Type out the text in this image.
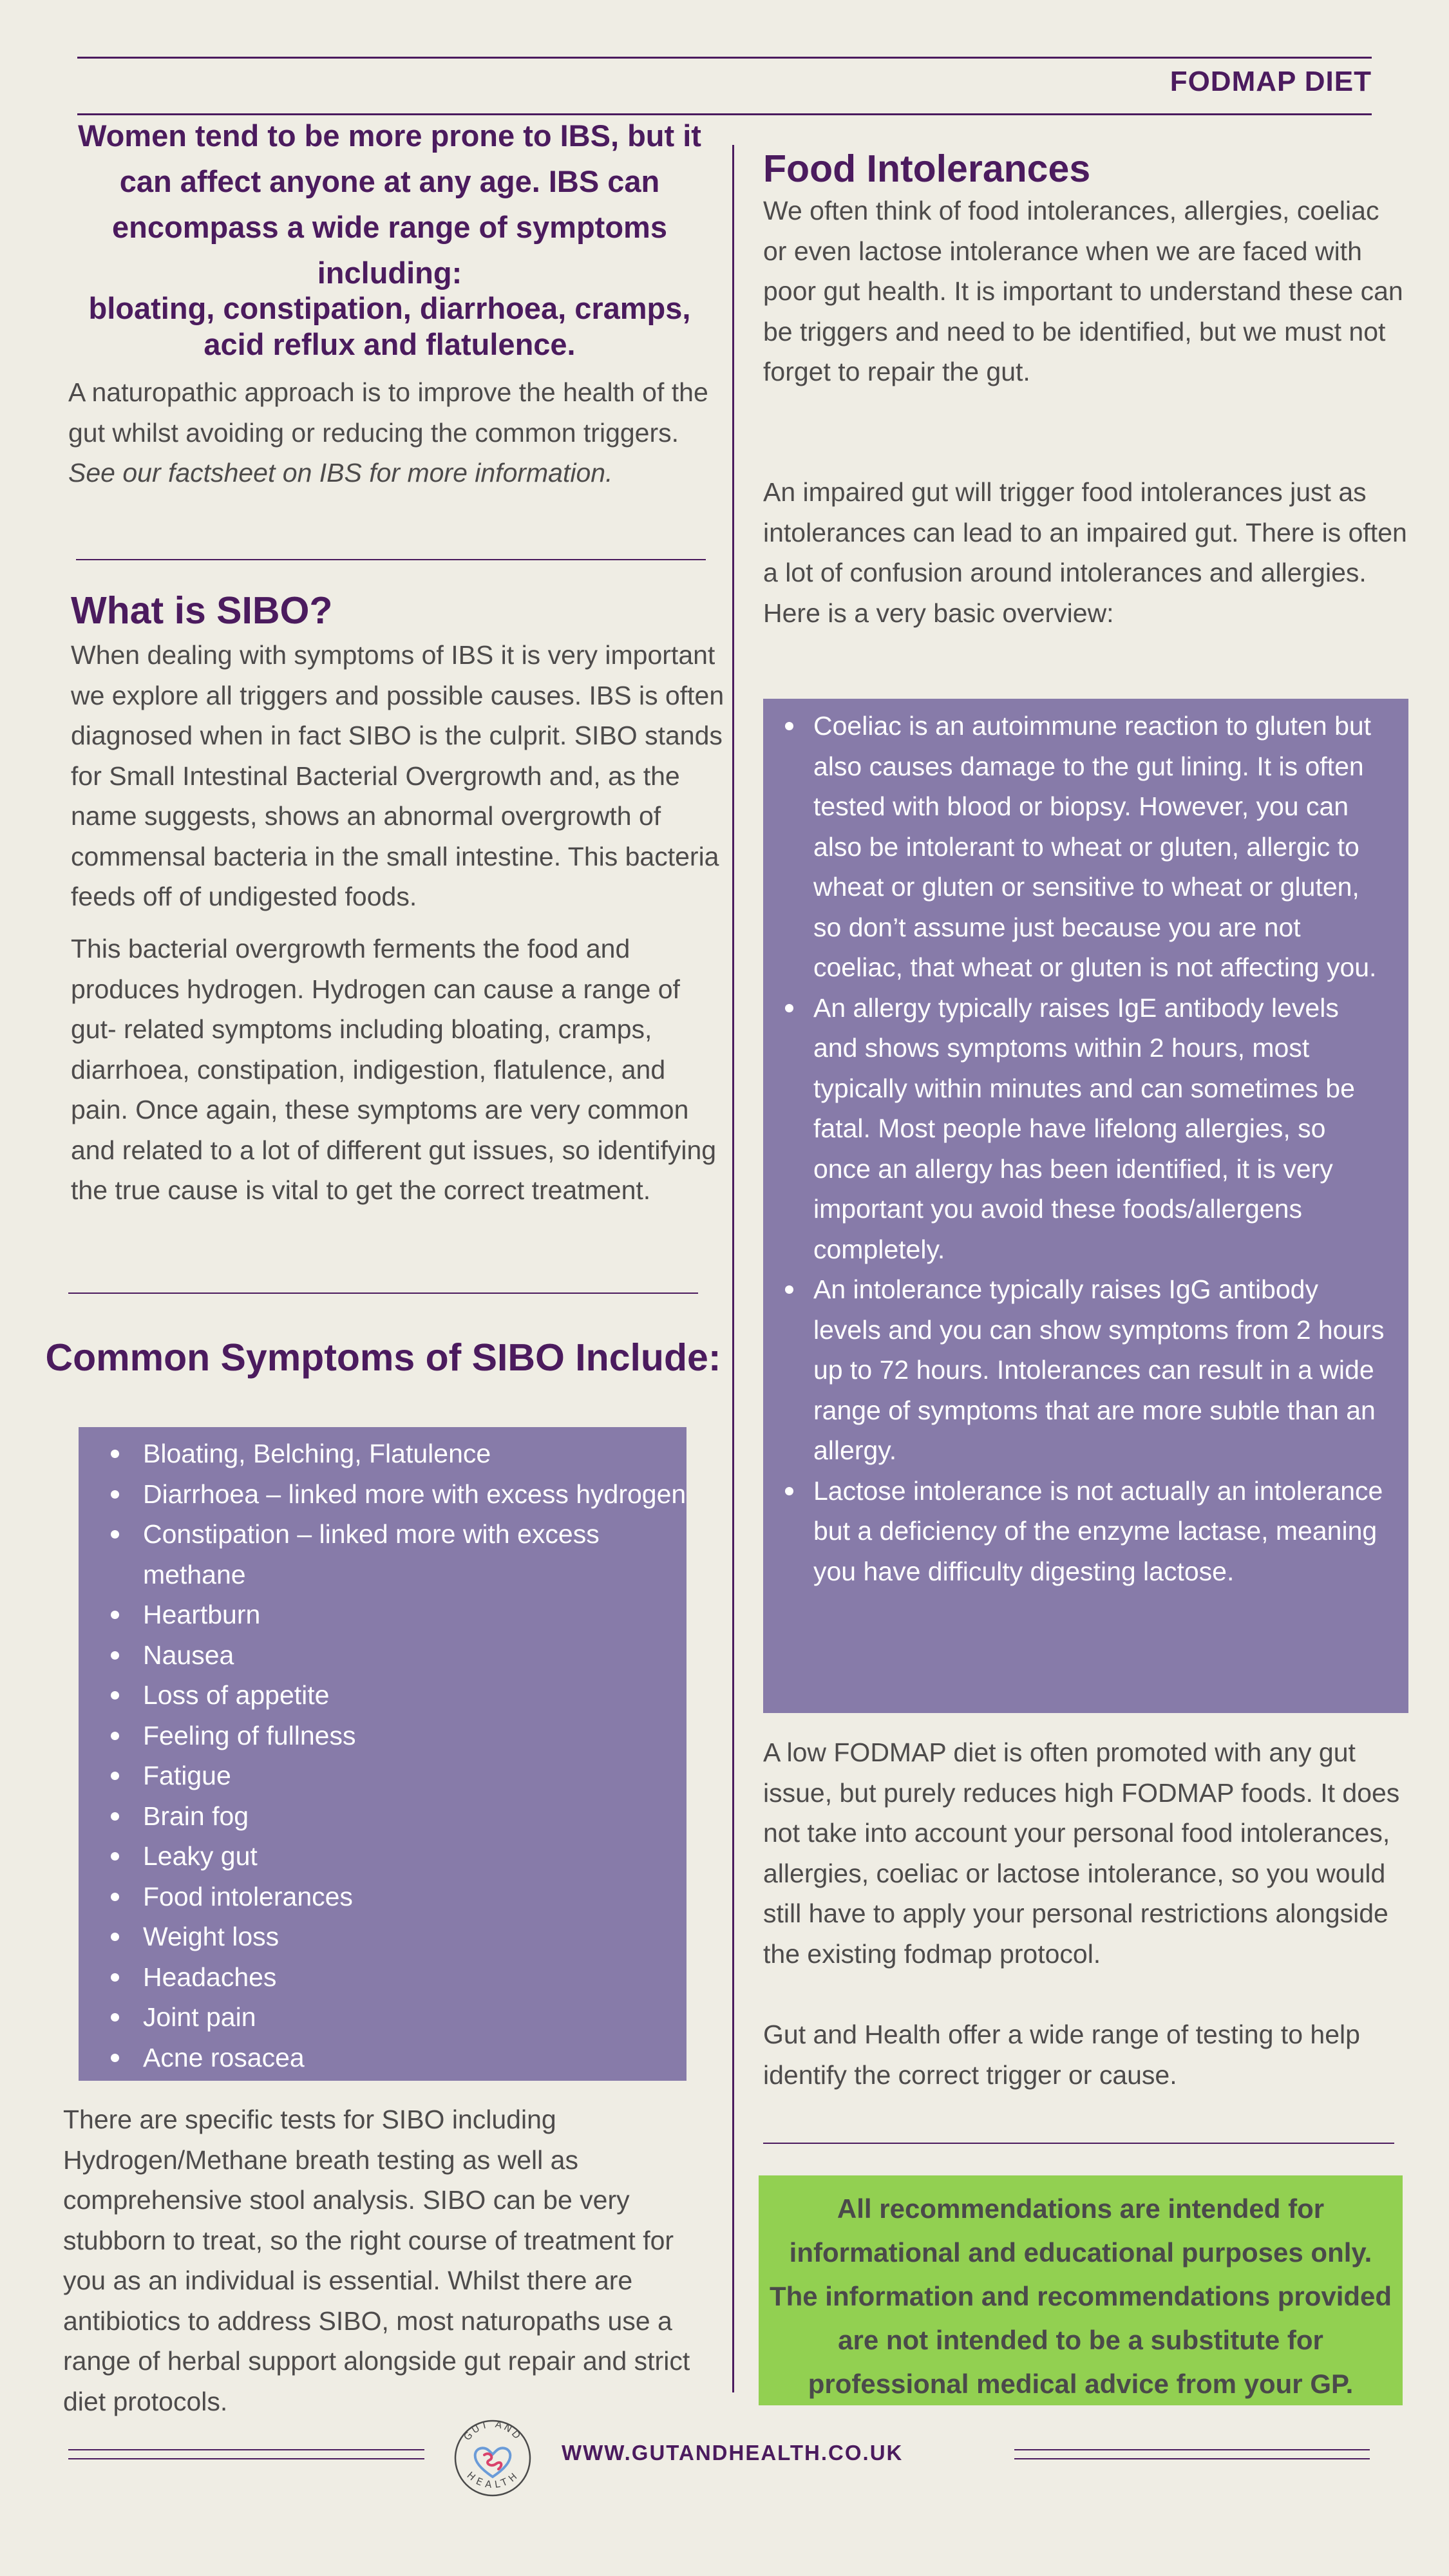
FODMAP DIET

Women tend to be more prone to IBS, but it can affect anyone at any age. IBS can encompass a wide range of symptoms including:

bloating, constipation, diarrhoea, cramps, acid reflux and flatulence.

A naturopathic approach is to improve the health of the gut whilst avoiding or reducing the common triggers. See our factsheet on IBS for more information.

What is SIBO?

When dealing with symptoms of IBS it is very important we explore all triggers and possible causes. IBS is often diagnosed when in fact SIBO is the culprit. SIBO stands for Small Intestinal Bacterial Overgrowth and, as the name suggests, shows an abnormal overgrowth of commensal bacteria in the small intestine. This bacteria feeds off of undigested foods.

This bacterial overgrowth ferments the food and produces hydrogen. Hydrogen can cause a range of gut- related symptoms including bloating, cramps, diarrhoea, constipation, indigestion, flatulence, and pain. Once again, these symptoms are very common and related to a lot of different gut issues, so identifying the true cause is vital to get the correct treatment.

Common Symptoms of SIBO Include:
Bloating, Belching, Flatulence
Diarrhoea – linked more with excess hydrogen
Constipation – linked more with excess methane
Heartburn
Nausea
Loss of appetite
Feeling of fullness
Fatigue
Brain fog
Leaky gut
Food intolerances
Weight loss
Headaches
Joint pain
Acne rosacea

There are specific tests for SIBO including Hydrogen/Methane breath testing as well as comprehensive stool analysis. SIBO can be very stubborn to treat, so the right course of treatment for you as an individual is essential. Whilst there are antibiotics to address SIBO, most naturopaths use a range of herbal support alongside gut repair and strict diet protocols.

Food Intolerances

We often think of food intolerances, allergies, coeliac or even lactose intolerance when we are faced with poor gut health. It is important to understand these can be triggers and need to be identified, but we must not forget to repair the gut.

An impaired gut will trigger food intolerances just as intolerances can lead to an impaired gut. There is often a lot of confusion around intolerances and allergies. Here is a very basic overview:

Coeliac is an autoimmune reaction to gluten but also causes damage to the gut lining. It is often tested with blood or biopsy. However, you can also be intolerant to wheat or gluten, allergic to wheat or gluten or sensitive to wheat or gluten, so don’t assume just because you are not coeliac, that wheat or gluten is not affecting you.
An allergy typically raises IgE antibody levels and shows symptoms within 2 hours, most typically within minutes and can sometimes be fatal. Most people have lifelong allergies, so once an allergy has been identified, it is very important you avoid these foods/allergens completely.
An intolerance typically raises IgG antibody levels and you can show symptoms from 2 hours up to 72 hours. Intolerances can result in a wide range of symptoms that are more subtle than an allergy.
Lactose intolerance is not actually an intolerance but a deficiency of the enzyme lactase, meaning you have difficulty digesting lactose.

A low FODMAP diet is often promoted with any gut issue, but purely reduces high FODMAP foods. It does not take into account your personal food intolerances, allergies, coeliac or lactose intolerance, so you would still have to apply your personal restrictions alongside the existing fodmap protocol.

Gut and Health offer a wide range of testing to help identify the correct trigger or cause.

All recommendations are intended for informational and educational purposes only. The information and recommendations provided are not intended to be a substitute for professional medical advice from your GP.
GUT AND
HEALTH

WWW.GUTANDHEALTH.CO.UK
